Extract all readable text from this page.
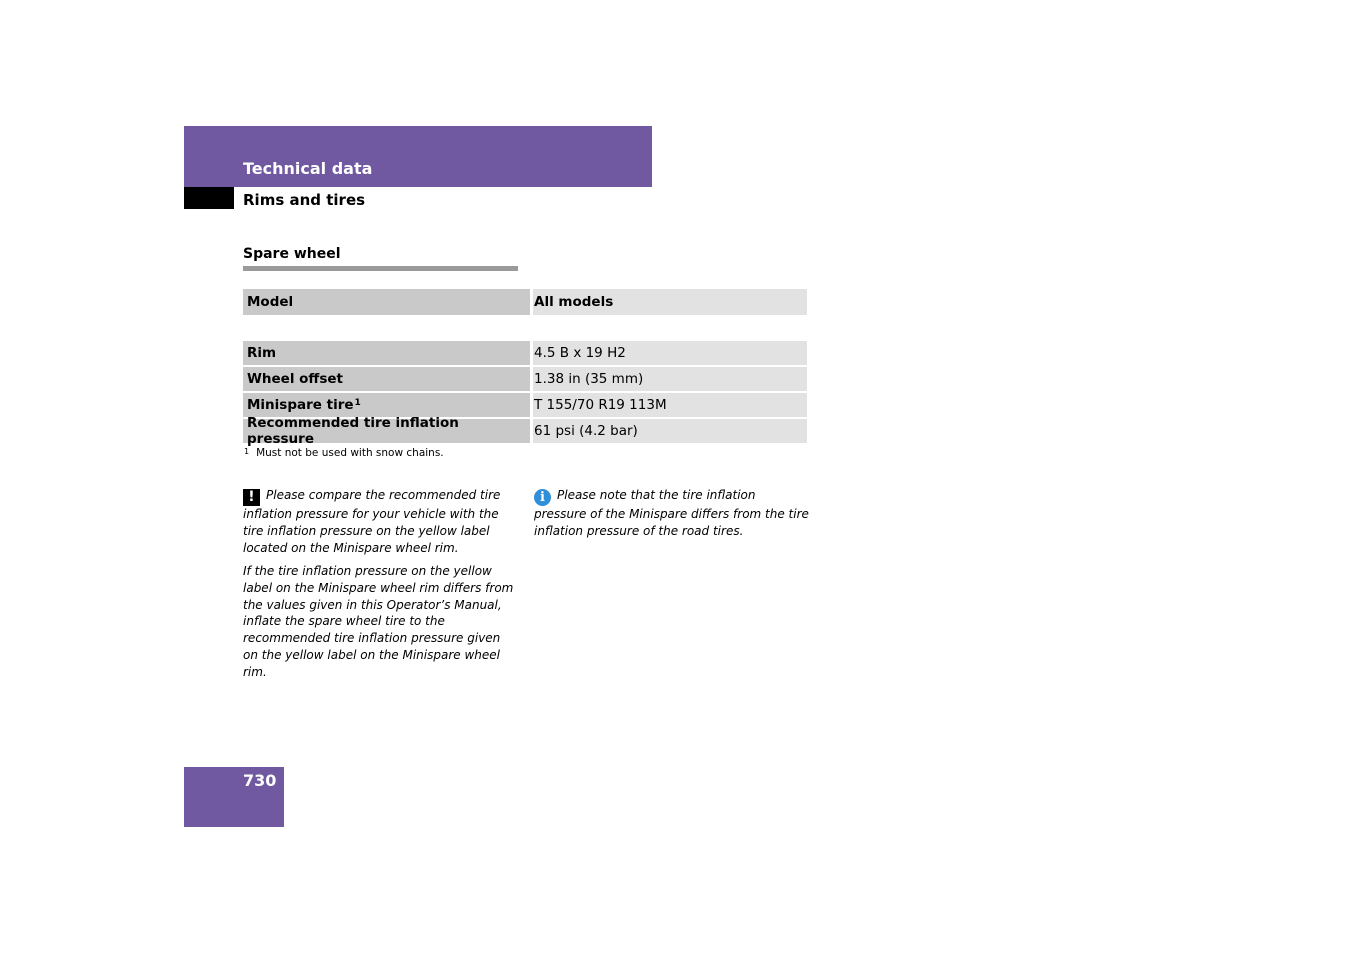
Technical data
Rims and tires
Spare wheel
Model	All models
Rim	4.5 B x 19 H2
Wheel offset	1.38 in (35 mm)
Minispare tire$^1$	T 155/70 R19 113M
Recommended tire inflation pressure	61 psi (4.2 bar)
$^1$ Must not be used with snow chains.

! Please compare the recommended tire inflation pressure for your vehicle with the tire inflation pressure on the yellow label located on the Minispare wheel rim.

If the tire inflation pressure on the yellow label on the Minispare wheel rim differs from the values given in this Operator’s Manual, inflate the spare wheel tire to the recommended tire inflation pressure given on the yellow label on the Minispare wheel rim.

i Please note that the tire inflation pressure of the Minispare differs from the tire inflation pressure of the road tires.

730
